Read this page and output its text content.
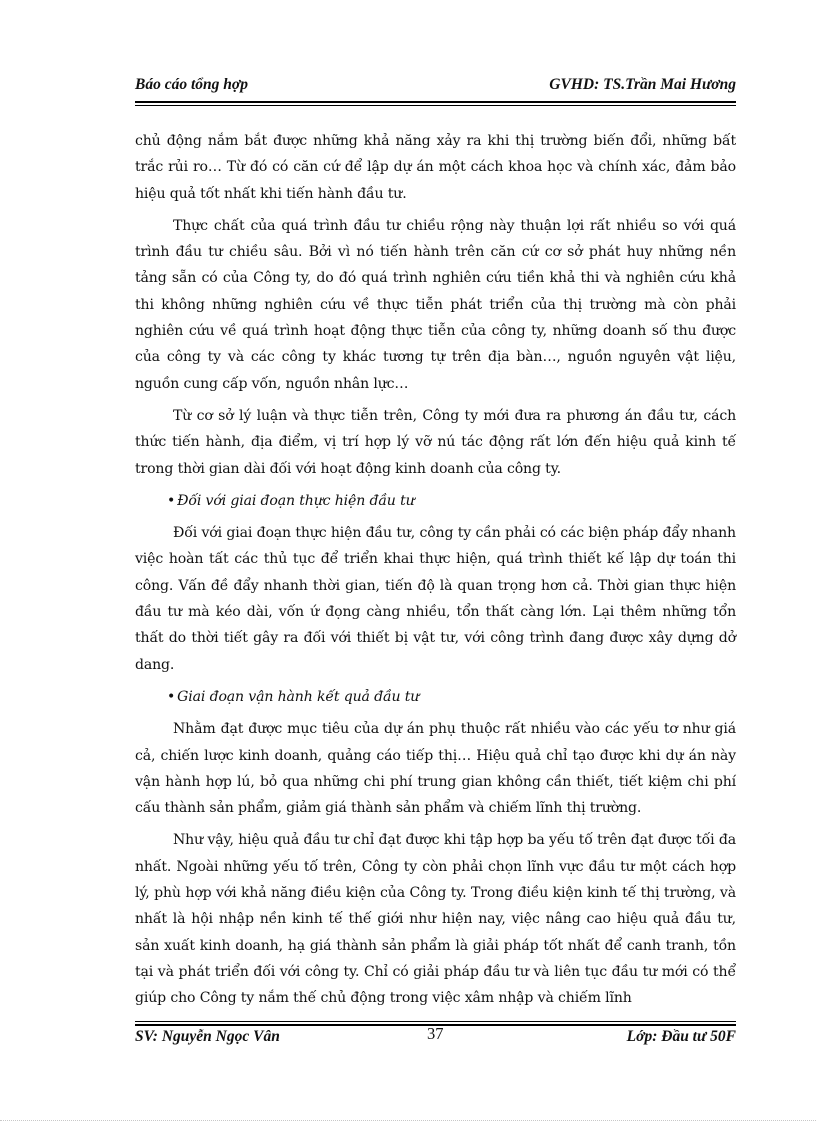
Báo cáo tổng hợp	GVHD: TS.Trần Mai Hương

chủ động nắm bắt được những khả năng xảy ra khi thị trường biến đổi, những bất trắc rủi ro… Từ đó có căn cứ để lập dự án một cách khoa học và chính xác, đảm bảo hiệu quả tốt nhất khi tiến hành đầu tư.

Thực chất của quá trình đầu tư chiều rộng này thuận lợi rất nhiều so với quá trình đầu tư chiều sâu. Bởi vì nó tiến hành trên căn cứ cơ sở phát huy những nền tảng sẵn có của Công ty, do đó quá trình nghiên cứu tiền khả thi và nghiên cứu khả thi không những nghiên cứu về thực tiễn phát triển của thị trường mà còn phải nghiên cứu về quá trình hoạt động thực tiễn của công ty, những doanh số thu được của công ty và các công ty khác tương tự trên địa bàn…, nguồn nguyên vật liệu, nguồn cung cấp vốn, nguồn nhân lực…

Từ cơ sở lý luận và thực tiễn trên, Công ty mới đưa ra phương án đầu tư, cách thức tiến hành, địa điểm, vị trí hợp lý vỡ nú tác động rất lớn đến hiệu quả kinh tế trong thời gian dài đối với hoạt động kinh doanh của công ty.

• Đối với giai đoạn thực hiện đầu tư

Đối với giai đoạn thực hiện đầu tư, công ty cần phải có các biện pháp đẩy nhanh việc hoàn tất các thủ tục để triển khai thực hiện, quá trình thiết kế lập dự toán thi công. Vấn đề đẩy nhanh thời gian, tiến độ là quan trọng hơn cả. Thời gian thực hiện đầu tư mà kéo dài, vốn ứ đọng càng nhiều, tổn thất càng lớn. Lại thêm những tổn thất do thời tiết gây ra đối với thiết bị vật tư, với công trình đang được xây dựng dở dang.

• Giai đoạn vận hành kết quả đầu tư

Nhằm đạt được mục tiêu của dự án phụ thuộc rất nhiều vào các yếu tơ như giá cả, chiến lược kinh doanh, quảng cáo tiếp thị… Hiệu quả chỉ tạo được khi dự án này vận hành hợp lú, bỏ qua những chi phí trung gian không cần thiết, tiết kiệm chi phí cấu thành sản phẩm, giảm giá thành sản phẩm và chiếm lĩnh thị trường.

Như vậy, hiệu quả đầu tư chỉ đạt được khi tập hợp ba yếu tố trên đạt được tối đa nhất. Ngoài những yếu tố trên, Công ty còn phải chọn lĩnh vực đầu tư một cách hợp lý, phù hợp với khả năng điều kiện của Công ty. Trong điều kiện kinh tế thị trường, và nhất là hội nhập nền kinh tế thế giới như hiện nay, việc nâng cao hiệu quả đầu tư, sản xuất kinh doanh, hạ giá thành sản phẩm là giải pháp tốt nhất để canh tranh, tồn tại và phát triển đối với công ty. Chỉ có giải pháp đầu tư và liên tục đầu tư mới có thể giúp cho Công ty nắm thế chủ động trong việc xâm nhập và chiếm lĩnh

SV: Nguyễn Ngọc Vân	37	Lớp: Đầu tư 50F
